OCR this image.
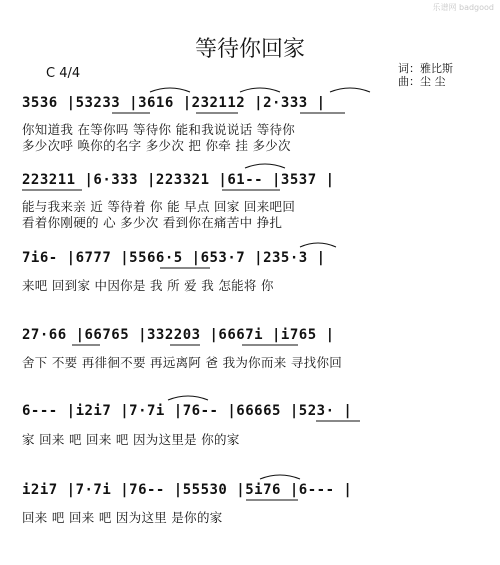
乐谱网 badgood
等待你回家
C 4/4	词：雅比斯
曲：尘 尘
3536 |53233 |3616 |232112 |2·333 |
你知道我 在等你吗 等待你 能和我说说话 等待你
多少次呼 唤你的名字 多少次 把 你牵 挂 多少次
223211 |6·333 |223321 |61-- |3537 |
能与我来亲 近 等待着 你 能 早点 回家 回来吧回
看着你刚硬的 心 多少次 看到你在痛苦中 挣扎
7i6- |6777 |5566·5 |653·7 |235·3 |
来吧 回到家 中因你是 我 所 爱 我 怎能将 你
27·66 |66765 |332203 |6667i |i765 |
舍下 不要 再徘徊不要 再远离阿 爸 我为你而来 寻找你回
6--- |i2i7 |7·7i |76-- |66665 |523· |
家 回来 吧 回来 吧 因为这里是 你的家
i2i7 |7·7i |76-- |55530 |5i76 |6--- |
回来 吧 回来 吧 因为这里 是你的家
